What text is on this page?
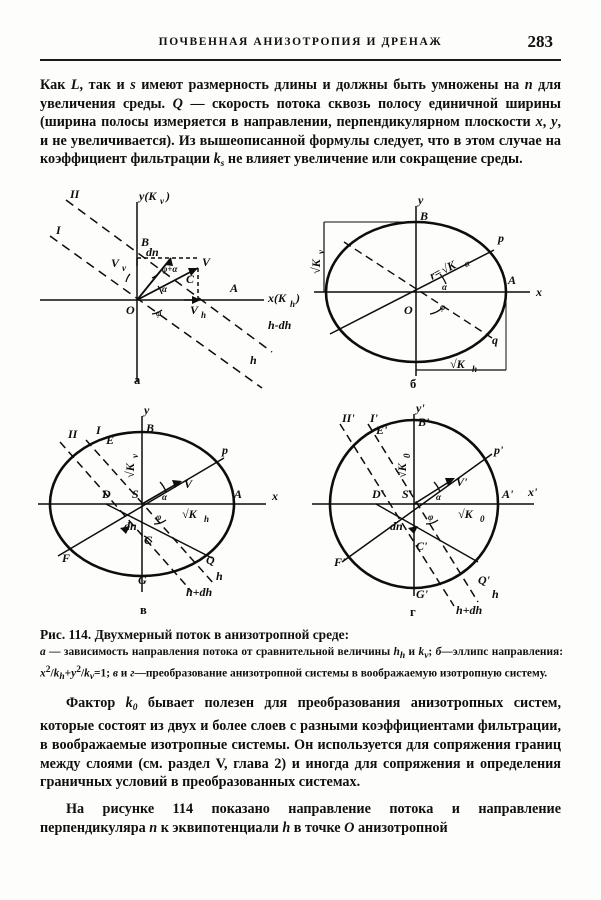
ПОЧВЕННАЯ АНИЗОТРОПИЯ И ДРЕНАЖ	283

Как L, так и s имеют размерность длины и должны быть умножены на n для увеличения среды. Q — скорость потока сквозь полосу единичной ширины (ширина полосы измеряется в направлении, перпендикулярном плоскости x, y, и не увеличивается). Из вышеописанной формулы следует, что в этом случае на коэффициент фильтрации $k_s$ не влияет увеличение или сокращение среды.

II
I
y(K v )
B
V v
dn
φ+α V
C
A
x(K h )
O
α
φ V h
h-dh
h
а
y
B
p
√K
v
r=
√K α
A
x
α
φ
O
q
√K h
б
II I
E
y
B
p
√K
v
S
V
α
D	A x
φ √K h
dn
C
F	Q
G	h
h+dh
в
II' I'
E'
y'
B'
p'
√K
0
S'
V'
α
D'	A' x'
φ √K 0
dn
C'
F'
Q'
G'	h
h+dh
г

Рис. 114. Двухмерный поток в анизотропной среде:

а — зависимость направления потока от сравнительной величины $h_h$ и $k_v$; б—эллипс направления: $x^2/k_h+y^2/k_v=1$; в и г—преобразование анизотропной системы в воображаемую изотропную систему.

Фактор $k_0$ бывает полезен для преобразования анизотропных систем, которые состоят из двух и более слоев с разными коэффициентами фильтрации, в воображаемые изотропные системы. Он используется для сопряжения границ между слоями (см. раздел V, глава 2) и иногда для сопряжения и определения граничных условий в преобразованных системах.

На рисунке 114 показано направление потока и направление перпендикуляра n к эквипотенциали h в точке O анизотропной
